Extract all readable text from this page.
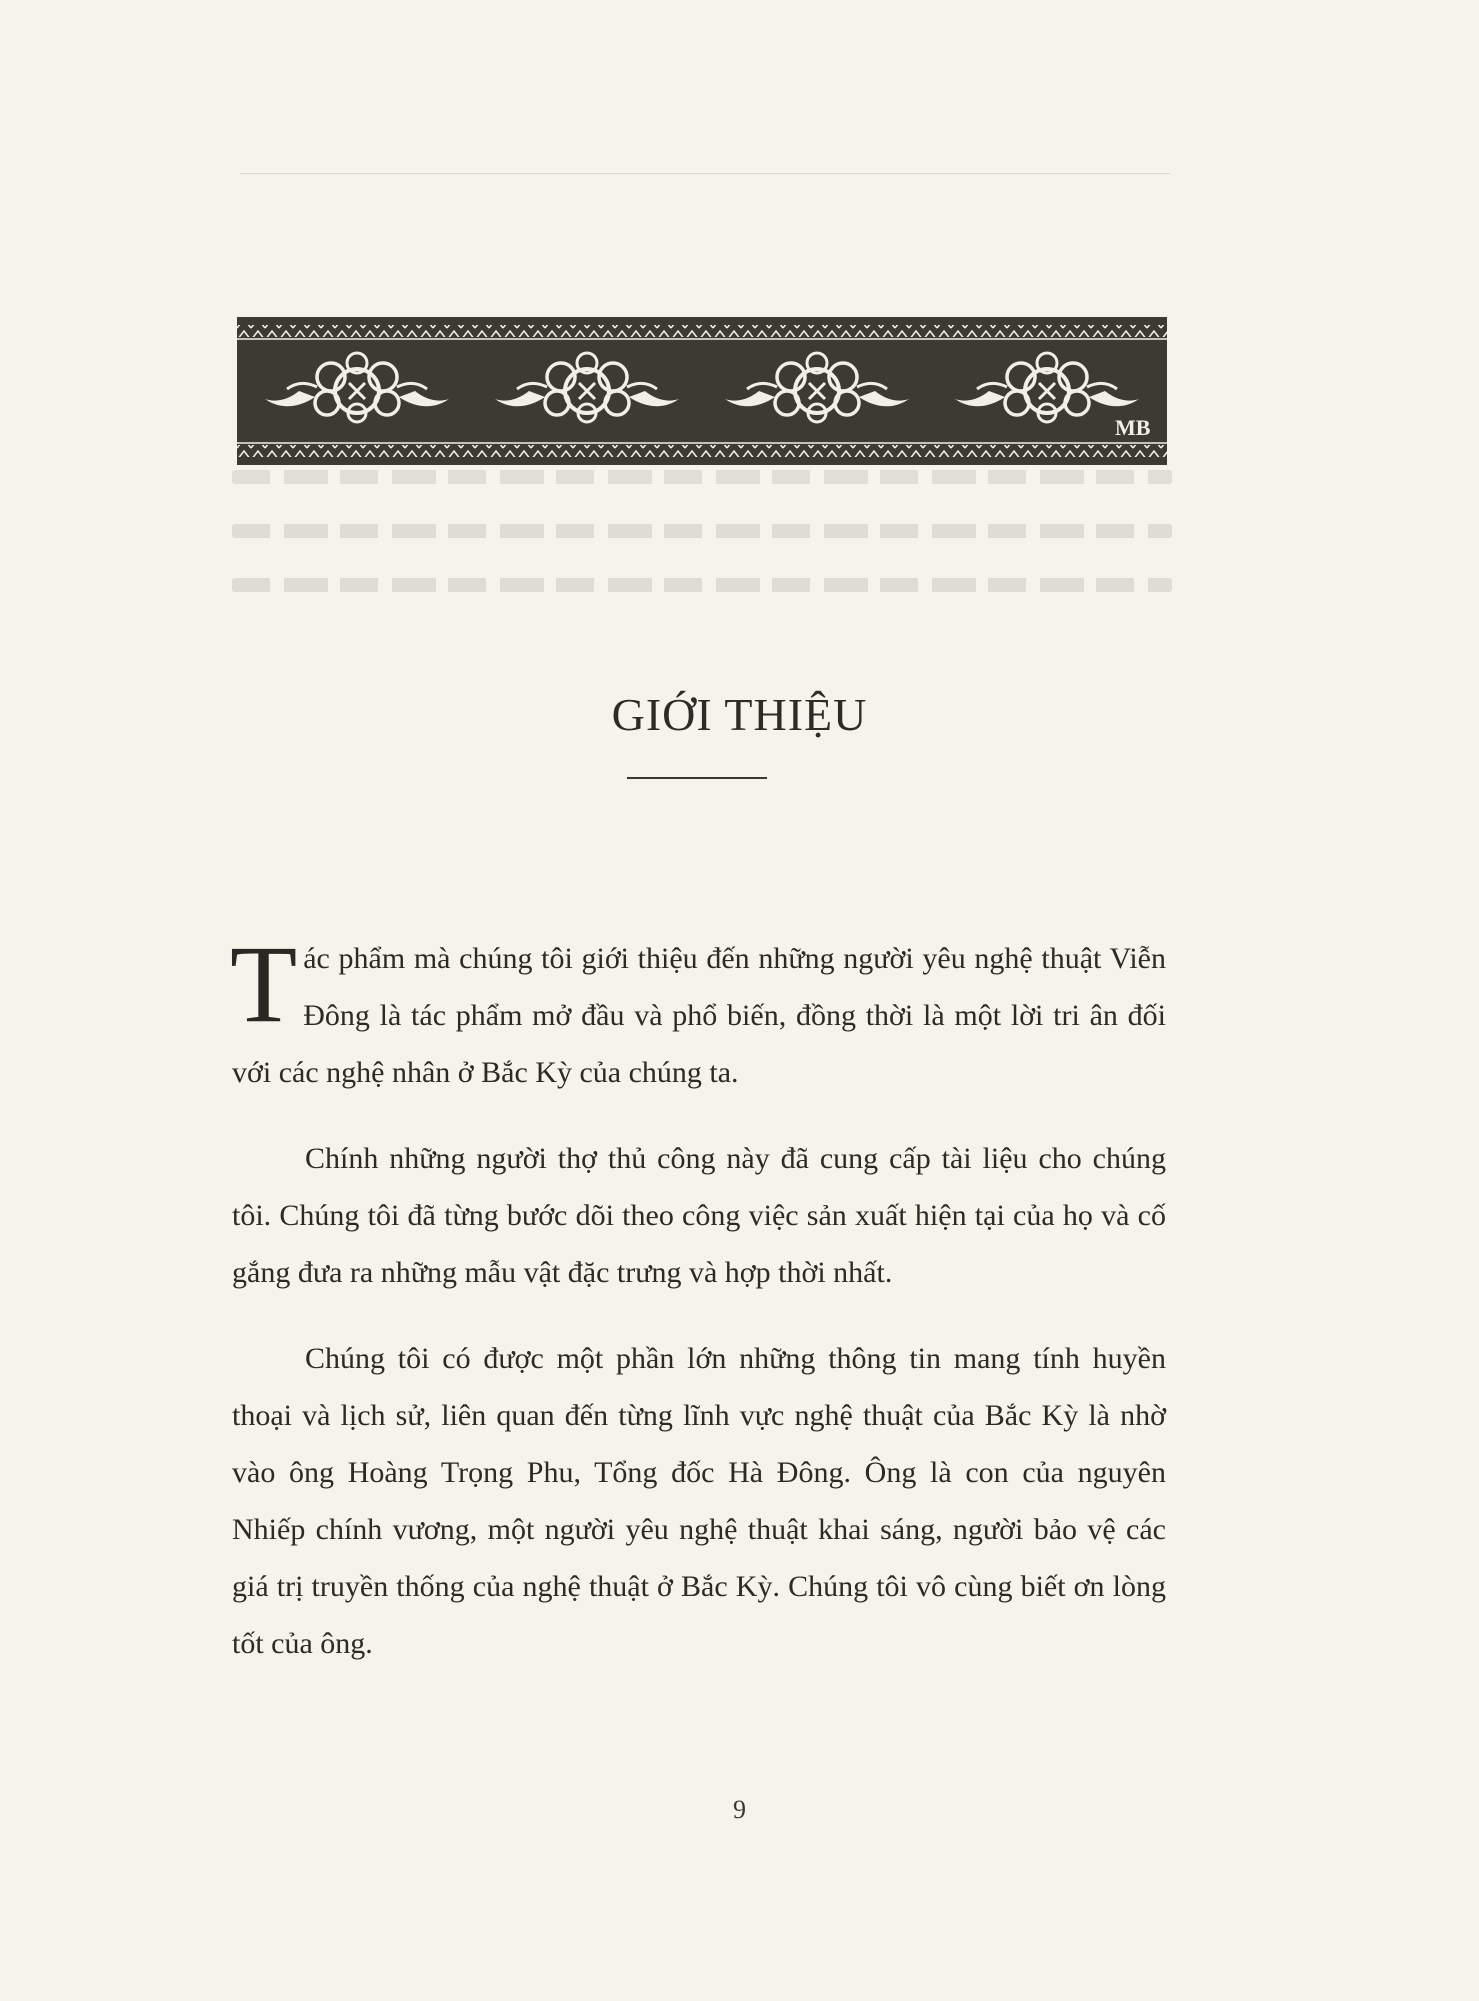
MB
GIỚI THIỆU

Tác phẩm mà chúng tôi giới thiệu đến những người yêu nghệ thuật Viễn Đông là tác phẩm mở đầu và phổ biến, đồng thời là một lời tri ân đối với các nghệ nhân ở Bắc Kỳ của chúng ta.

Chính những người thợ thủ công này đã cung cấp tài liệu cho chúng tôi. Chúng tôi đã từng bước dõi theo công việc sản xuất hiện tại của họ và cố gắng đưa ra những mẫu vật đặc trưng và hợp thời nhất.

Chúng tôi có được một phần lớn những thông tin mang tính huyền thoại và lịch sử, liên quan đến từng lĩnh vực nghệ thuật của Bắc Kỳ là nhờ vào ông Hoàng Trọng Phu, Tổng đốc Hà Đông. Ông là con của nguyên Nhiếp chính vương, một người yêu nghệ thuật khai sáng, người bảo vệ các giá trị truyền thống của nghệ thuật ở Bắc Kỳ. Chúng tôi vô cùng biết ơn lòng tốt của ông.

9
